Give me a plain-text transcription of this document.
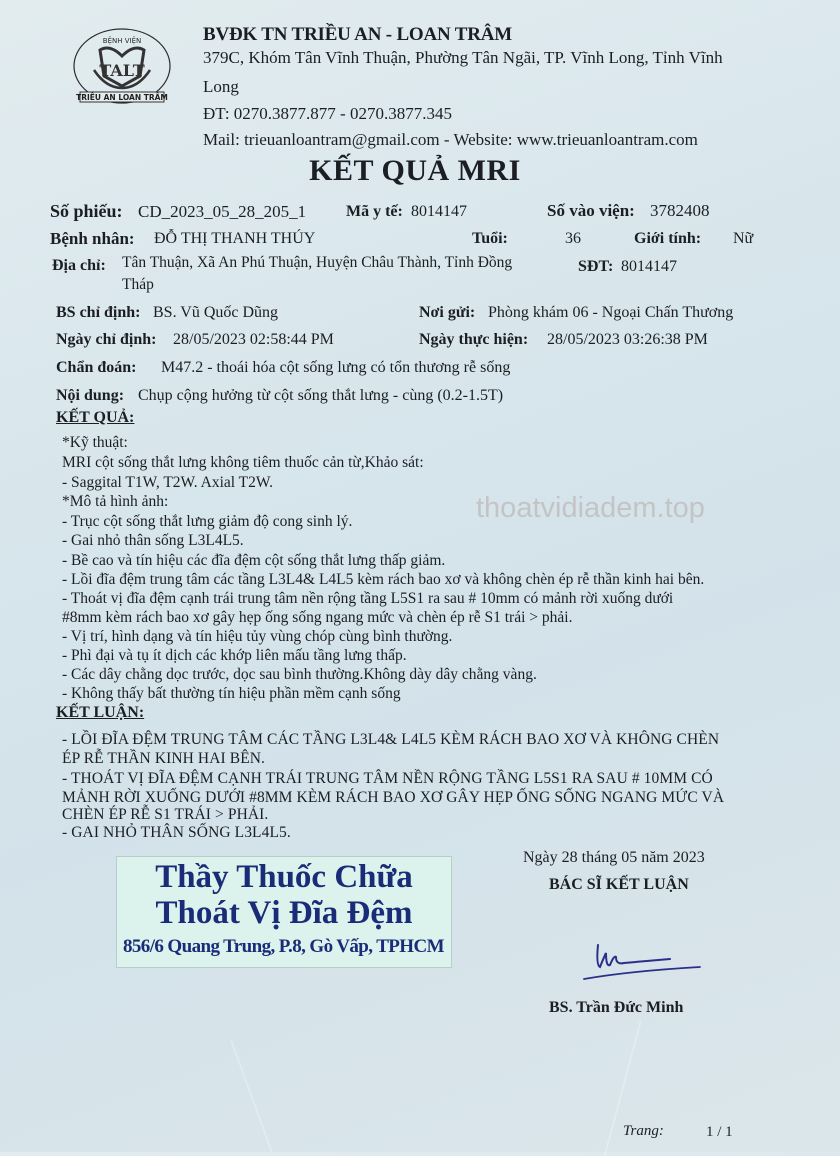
BỆNH VIỆN
TALT
TRIỀU AN LOAN TRÂM
BVĐK TN TRIỀU AN - LOAN TRÂM
379C, Khóm Tân Vĩnh Thuận, Phường Tân Ngãi, TP. Vĩnh Long, Tỉnh Vĩnh
Long
ĐT: 0270.3877.877 - 0270.3877.345
Mail: trieuanloantram@gmail.com - Website: www.trieuanloantram.com
KẾT QUẢ MRI
Số phiếu: CD_2023_05_28_205_1 Mã y tế: 8014147	Số vào viện: 3782408
Bệnh nhân: ĐỖ THỊ THANH THÚY	Tuổi:	36	Giới tính: Nữ
Địa chỉ: Tân Thuận, Xã An Phú Thuận, Huyện Châu Thành, Tỉnh Đồng
Tháp
SĐT: 8014147
BS chỉ định: BS. Vũ Quốc Dũng	Nơi gửi: Phòng khám 06 - Ngoại Chấn Thương
Ngày chỉ định: 28/05/2023 02:58:44 PM	Ngày thực hiện: 28/05/2023 03:26:38 PM
Chẩn đoán: M47.2 - thoái hóa cột sống lưng có tổn thương rễ sống
Nội dung: Chụp cộng hưởng từ cột sống thắt lưng - cùng (0.2-1.5T)
KẾT QUẢ:
*Kỹ thuật:
MRI cột sống thắt lưng không tiêm thuốc cản từ,Khảo sát:
- Saggital T1W, T2W. Axial T2W.
*Mô tả hình ảnh:
- Trục cột sống thắt lưng giảm độ cong sinh lý.
- Gai nhỏ thân sống L3L4L5.
- Bề cao và tín hiệu các đĩa đệm cột sống thắt lưng thấp giảm.
- Lồi đĩa đệm trung tâm các tầng L3L4& L4L5 kèm rách bao xơ và không chèn ép rễ thần kinh hai bên.
- Thoát vị đĩa đệm cạnh trái trung tâm nền rộng tầng L5S1 ra sau # 10mm có mảnh rời xuống dưới
#8mm kèm rách bao xơ gây hẹp ống sống ngang mức và chèn ép rễ S1 trái > phải.
- Vị trí, hình dạng và tín hiệu tủy vùng chóp cùng bình thường.
- Phì đại và tụ ít dịch các khớp liên mấu tầng lưng thấp.
- Các dây chằng dọc trước, dọc sau bình thường.Không dày dây chằng vàng.
- Không thấy bất thường tín hiệu phần mềm cạnh sống
thoatvidiadem.top
KẾT LUẬN:
- LỒI ĐĨA ĐỆM TRUNG TÂM CÁC TẦNG L3L4& L4L5 KÈM RÁCH BAO XƠ VÀ KHÔNG CHÈN
ÉP RỄ THẦN KINH HAI BÊN.
- THOÁT VỊ ĐĨA ĐỆM CẠNH TRÁI TRUNG TÂM NỀN RỘNG TẦNG L5S1 RA SAU # 10MM CÓ
MẢNH RỜI XUỐNG DƯỚI #8MM KÈM RÁCH BAO XƠ GÂY HẸP ỐNG SỐNG NGANG MỨC VÀ
CHÈN ÉP RỄ S1 TRÁI > PHẢI.
- GAI NHỎ THÂN SỐNG L3L4L5.
Thầy Thuốc Chữa
Thoát Vị Đĩa Đệm
856/6 Quang Trung, P.8, Gò Vấp, TPHCM
Ngày 28 tháng 05 năm 2023
BÁC SĨ KẾT LUẬN
BS. Trần Đức Minh
Trang:	1 / 1
